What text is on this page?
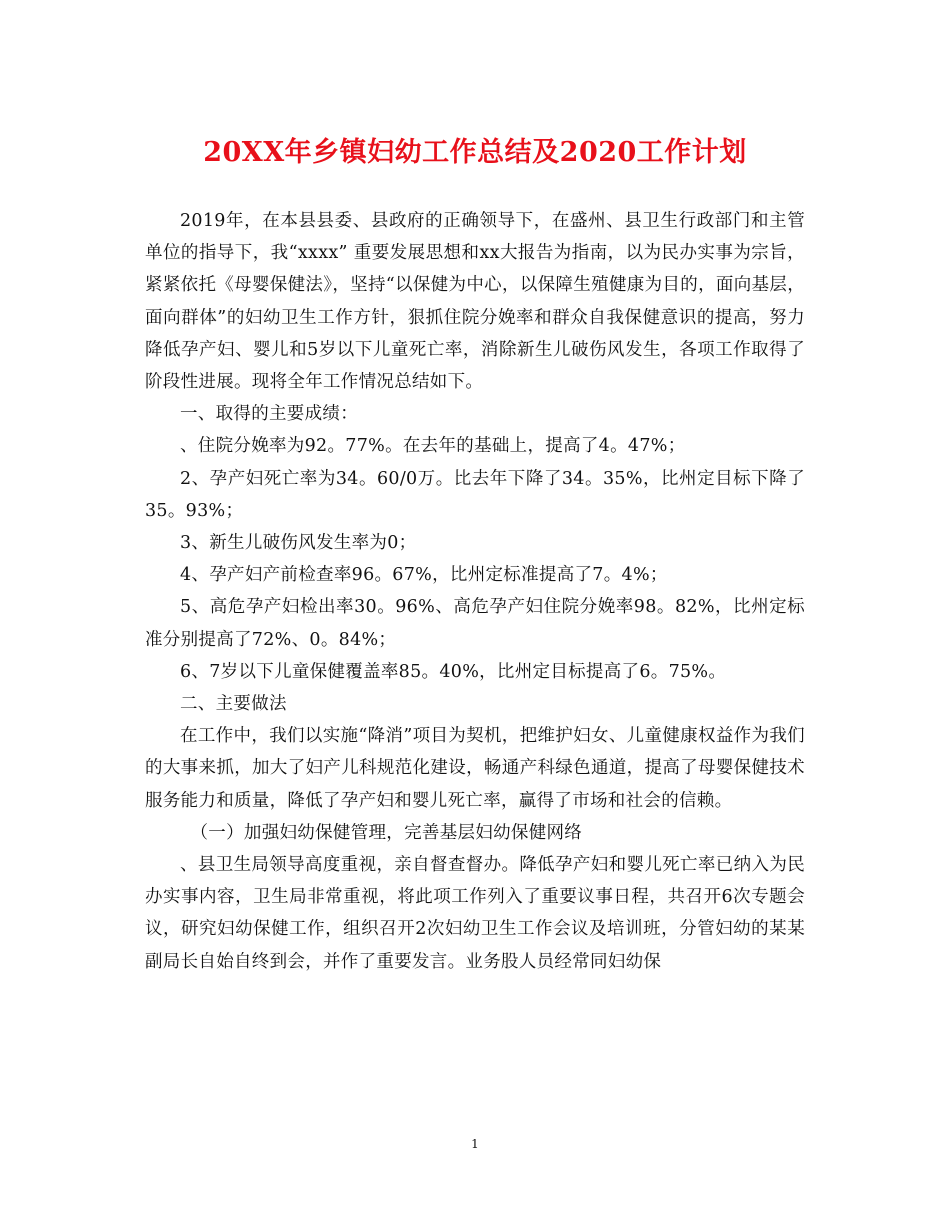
20XX年乡镇妇幼工作总结及2020工作计划

2019年，在本县县委、县政府的正确领导下，在盛州、县卫生行政部门和主管单位的指导下，我“xxxx” 重要发展思想和xx大报告为指南，以为民办实事为宗旨，紧紧依托《母婴保健法》，坚持“以保健为中心，以保障生殖健康为目的，面向基层，面向群体”的妇幼卫生工作方针，狠抓住院分娩率和群众自我保健意识的提高，努力降低孕产妇、婴儿和5岁以下儿童死亡率，消除新生儿破伤风发生，各项工作取得了阶段性进展。现将全年工作情况总结如下。

一、取得的主要成绩：

、住院分娩率为92。77%。在去年的基础上，提高了4。47%；

2、孕产妇死亡率为34。60/0万。比去年下降了34。35%，比州定目标下降了35。93%；

3、新生儿破伤风发生率为0；

4、孕产妇产前检查率96。67%，比州定标准提高了7。4%；

5、高危孕产妇检出率30。96%、高危孕产妇住院分娩率98。82%，比州定标准分别提高了72%、0。84%；

6、7岁以下儿童保健覆盖率85。40%，比州定目标提高了6。75%。

二、主要做法

在工作中，我们以实施“降消”项目为契机，把维护妇女、儿童健康权益作为我们的大事来抓，加大了妇产儿科规范化建设，畅通产科绿色通道，提高了母婴保健技术服务能力和质量，降低了孕产妇和婴儿死亡率，赢得了市场和社会的信赖。

（一）加强妇幼保健管理，完善基层妇幼保健网络

、县卫生局领导高度重视，亲自督查督办。降低孕产妇和婴儿死亡率已纳入为民办实事内容，卫生局非常重视，将此项工作列入了重要议事日程，共召开6次专题会议，研究妇幼保健工作，组织召开2次妇幼卫生工作会议及培训班，分管妇幼的某某副局长自始自终到会，并作了重要发言。业务股人员经常同妇幼保

1
